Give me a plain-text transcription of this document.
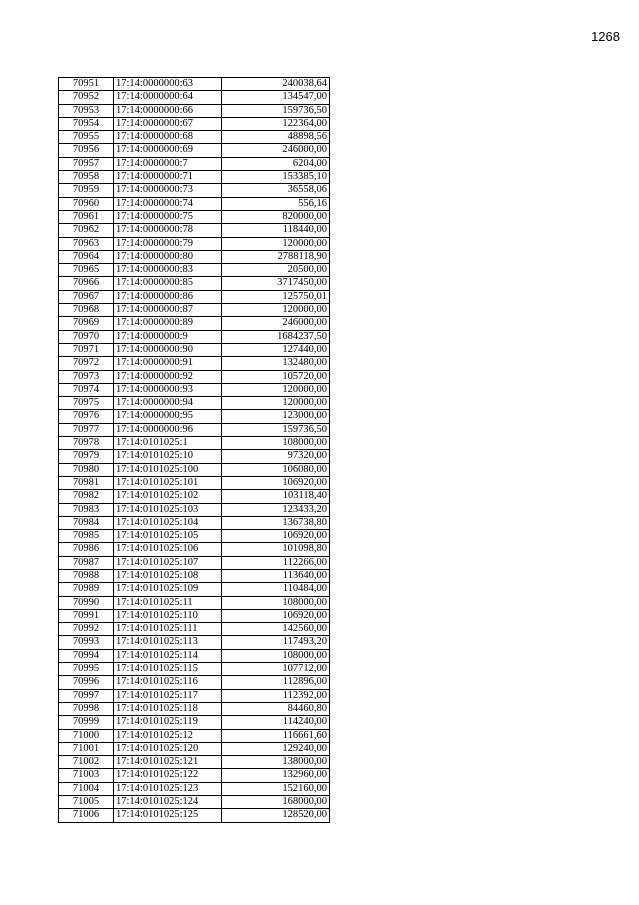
1268
70951	17:14:0000000:63	240038,64
70952	17:14:0000000:64	134547,00
70953	17:14:0000000:66	159736,50
70954	17:14:0000000:67	122364,00
70955	17:14:0000000:68	48898,56
70956	17:14:0000000:69	246000,00
70957	17:14:0000000:7	6204,00
70958	17:14:0000000:71	153385,10
70959	17:14:0000000:73	36558,06
70960	17:14:0000000:74	556,16
70961	17:14:0000000:75	820000,00
70962	17:14:0000000:78	118440,00
70963	17:14:0000000:79	120000,00
70964	17:14:0000000:80	2788118,90
70965	17:14:0000000:83	20500,00
70966	17:14:0000000:85	3717450,00
70967	17:14:0000000:86	125750,01
70968	17:14:0000000:87	120000,00
70969	17:14:0000000:89	246000,00
70970	17:14:0000000:9	1684237,50
70971	17:14:0000000:90	127440,00
70972	17:14:0000000:91	132480,00
70973	17:14:0000000:92	105720,00
70974	17:14:0000000:93	120000,00
70975	17:14:0000000:94	120000,00
70976	17:14:0000000:95	123000,00
70977	17:14:0000000:96	159736,50
70978	17:14:0101025:1	108000,00
70979	17:14:0101025:10	97320,00
70980	17:14:0101025:100	106080,00
70981	17:14:0101025:101	106920,00
70982	17:14:0101025:102	103118,40
70983	17:14:0101025:103	123433,20
70984	17:14:0101025:104	136738,80
70985	17:14:0101025:105	106920,00
70986	17:14:0101025:106	101098,80
70987	17:14:0101025:107	112266,00
70988	17:14:0101025:108	113640,00
70989	17:14:0101025:109	110484,00
70990	17:14:0101025:11	108000,00
70991	17:14:0101025:110	106920,00
70992	17:14:0101025:111	142560,00
70993	17:14:0101025:113	117493,20
70994	17:14:0101025:114	108000,00
70995	17:14:0101025:115	107712,00
70996	17:14:0101025:116	112896,00
70997	17:14:0101025:117	112392,00
70998	17:14:0101025:118	84460,80
70999	17:14:0101025:119	114240,00
71000	17:14:0101025:12	116661,60
71001	17:14:0101025:120	129240,00
71002	17:14:0101025:121	138000,00
71003	17:14:0101025:122	132960,00
71004	17:14:0101025:123	152160,00
71005	17:14:0101025:124	168000,00
71006	17:14:0101025:125	128520,00
